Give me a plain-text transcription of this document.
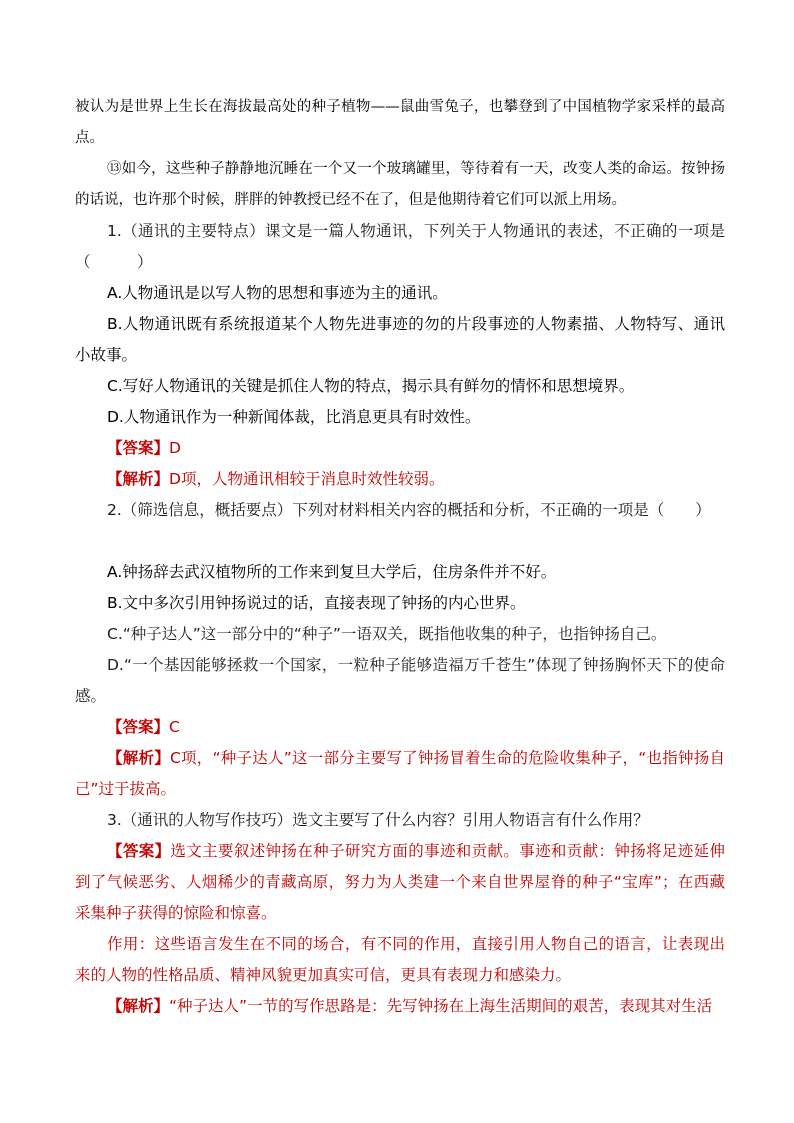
被认为是世界上生长在海拔最高处的种子植物——鼠曲雪兔子，也攀登到了中国植物学家采样的最高点。

⑬如今，这些种子静静地沉睡在一个又一个玻璃罐里，等待着有一天，改变人类的命运。按钟扬的话说，也许那个时候，胖胖的钟教授已经不在了，但是他期待着它们可以派上用场。

1.（通讯的主要特点）课文是一篇人物通讯，下列关于人物通讯的表述，不正确的一项是　（　　　）

A.人物通讯是以写人物的思想和事迹为主的通讯。

B.人物通讯既有系统报道某个人物先进事迹的勿的片段事迹的人物素描、人物特写、通讯小故事。

C.写好人物通讯的关键是抓住人物的特点，揭示具有鲜勿的情怀和思想境界。

D.人物通讯作为一种新闻体裁，比消息更具有时效性。

【答案】D

【解析】D项，人物通讯相较于消息时效性较弱。

2.（筛选信息，概括要点）下列对材料相关内容的概括和分析，不正确的一项是（　　）

A.钟扬辞去武汉植物所的工作来到复旦大学后，住房条件并不好。

B.文中多次引用钟扬说过的话，直接表现了钟扬的内心世界。

C.“种子达人”这一部分中的“种子”一语双关，既指他收集的种子，也指钟扬自己。

D.“一个基因能够拯救一个国家，一粒种子能够造福万千苍生”体现了钟扬胸怀天下的使命感。

【答案】C

【解析】C项，“种子达人”这一部分主要写了钟扬冒着生命的危险收集种子，“也指钟扬自己”过于拔高。

3.（通讯的人物写作技巧）选文主要写了什么内容？引用人物语言有什么作用？

【答案】选文主要叙述钟扬在种子研究方面的事迹和贡献。事迹和贡献：钟扬将足迹延伸到了气候恶劣、人烟稀少的青藏高原，努力为人类建一个来自世界屋脊的种子“宝库”；在西藏采集种子获得的惊险和惊喜。

作用：这些语言发生在不同的场合，有不同的作用，直接引用人物自己的语言，让表现出来的人物的性格品质、精神风貌更加真实可信，更具有表现力和感染力。

【解析】“种子达人”一节的写作思路是：先写钟扬在上海生活期间的艰苦，表现其对生活
